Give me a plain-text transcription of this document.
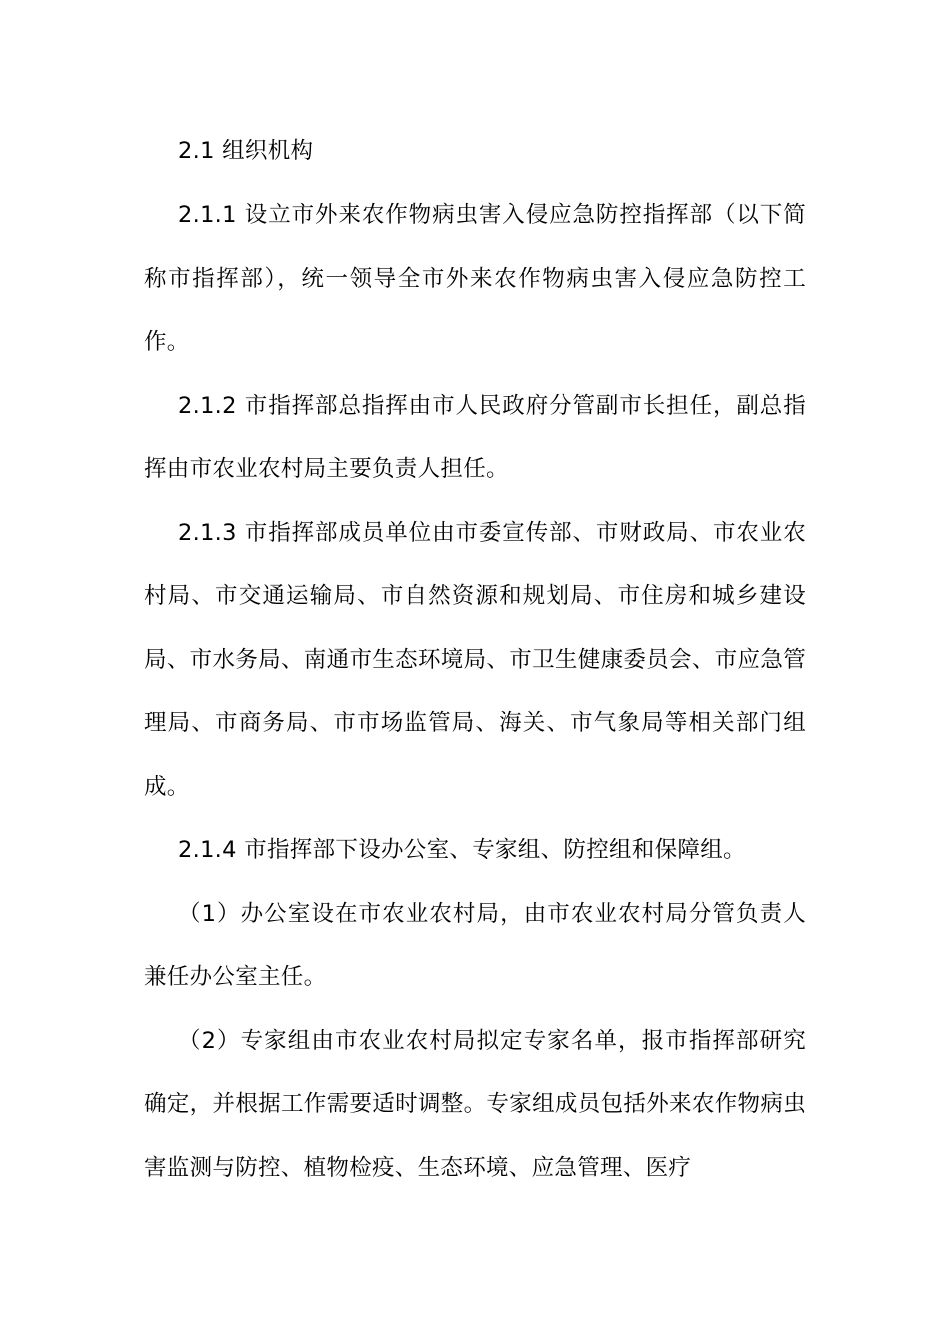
2.1 组织机构

2.1.1 设立市外来农作物病虫害入侵应急防控指挥部（以下简称市指挥部），统一领导全市外来农作物病虫害入侵应急防控工作。

2.1.2 市指挥部总指挥由市人民政府分管副市长担任，副总指挥由市农业农村局主要负责人担任。

2.1.3 市指挥部成员单位由市委宣传部、市财政局、市农业农村局、市交通运输局、市自然资源和规划局、市住房和城乡建设局、市水务局、南通市生态环境局、市卫生健康委员会、市应急管理局、市商务局、市市场监管局、海关、市气象局等相关部门组成。

2.1.4 市指挥部下设办公室、专家组、防控组和保障组。

（1）办公室设在市农业农村局，由市农业农村局分管负责人兼任办公室主任。

（2）专家组由市农业农村局拟定专家名单，报市指挥部研究确定，并根据工作需要适时调整。专家组成员包括外来农作物病虫害监测与防控、植物检疫、生态环境、应急管理、医疗
